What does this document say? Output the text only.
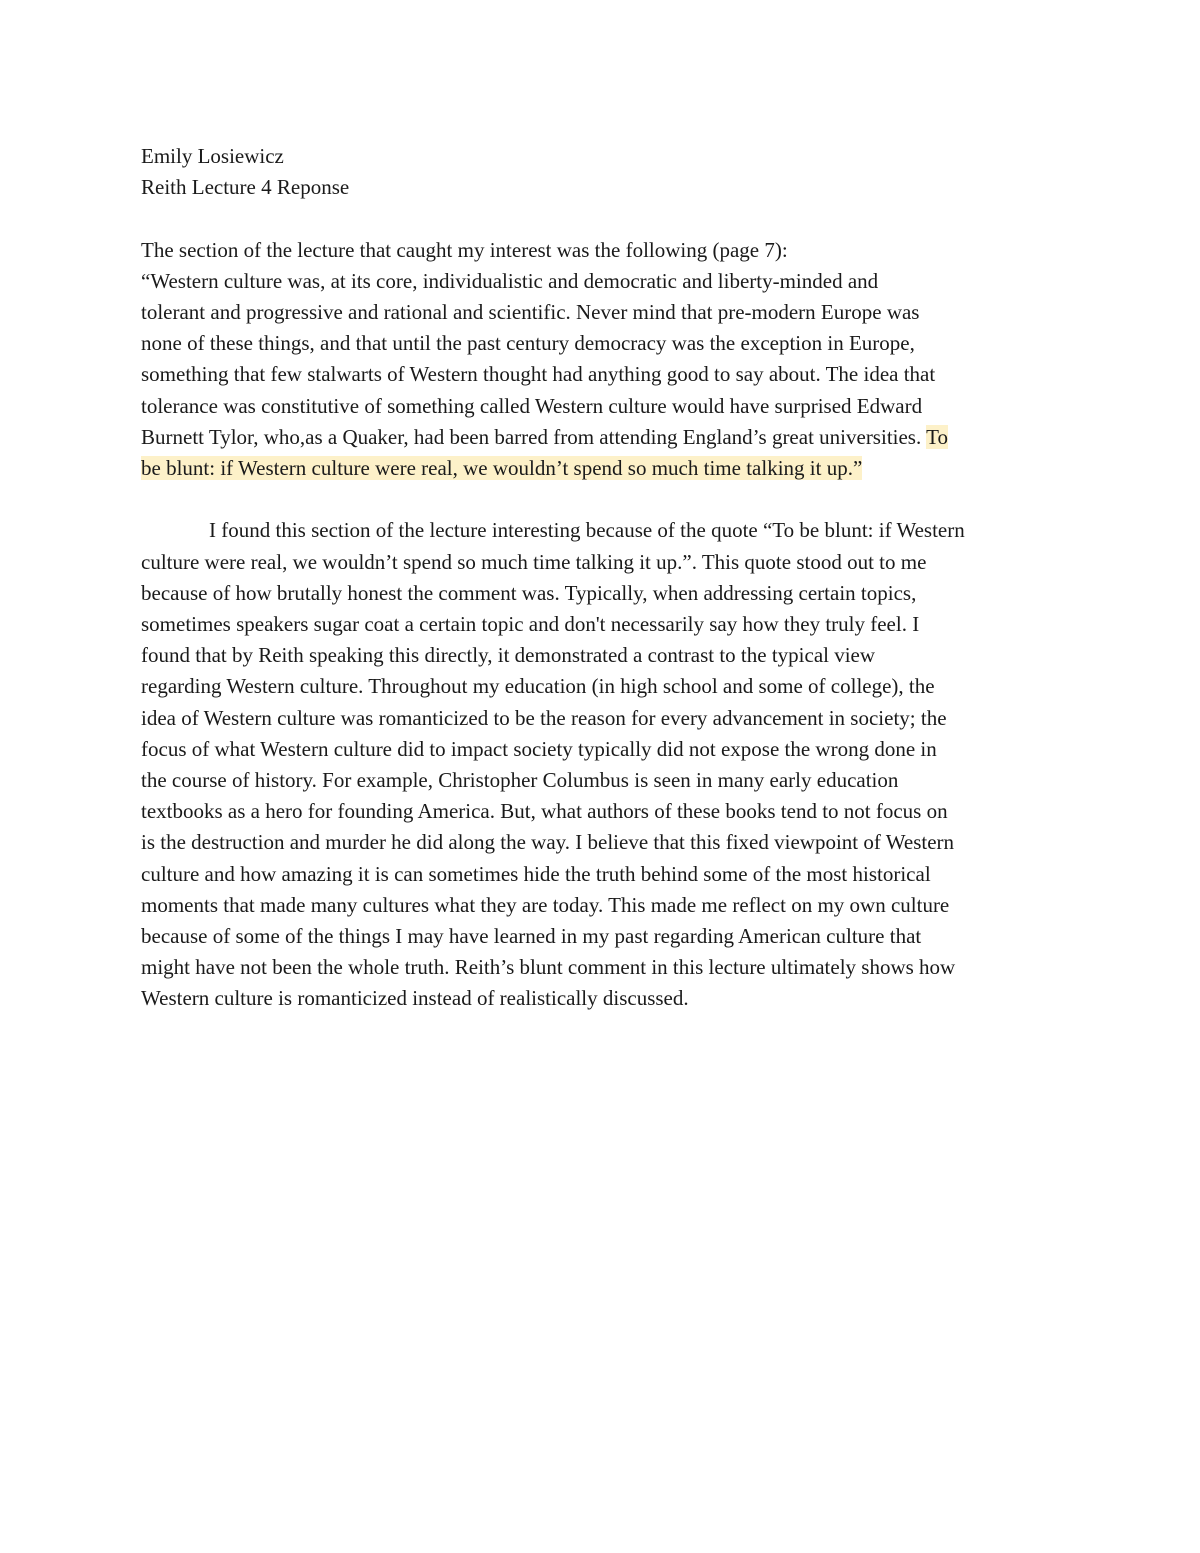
Emily Losiewicz

Reith Lecture 4 Reponse

The section of the lecture that caught my interest was the following (page 7):

“Western culture was, at its core, individualistic and democratic and liberty-minded and

tolerant and progressive and rational and scientific. Never mind that pre-modern Europe was

none of these things, and that until the past century democracy was the exception in Europe,

something that few stalwarts of Western thought had anything good to say about. The idea that

tolerance was constitutive of something called Western culture would have surprised Edward

Burnett Tylor, who,as a Quaker, had been barred from attending England’s great universities. To

be blunt: if Western culture were real, we wouldn’t spend so much time talking it up.”

I found this section of the lecture interesting because of the quote “To be blunt: if Western

culture were real, we wouldn’t spend so much time talking it up.”. This quote stood out to me

because of how brutally honest the comment was. Typically, when addressing certain topics,

sometimes speakers sugar coat a certain topic and don't necessarily say how they truly feel. I

found that by Reith speaking this directly, it demonstrated a contrast to the typical view

regarding Western culture. Throughout my education (in high school and some of college), the

idea of Western culture was romanticized to be the reason for every advancement in society; the

focus of what Western culture did to impact society typically did not expose the wrong done in

the course of history. For example, Christopher Columbus is seen in many early education

textbooks as a hero for founding America. But, what authors of these books tend to not focus on

is the destruction and murder he did along the way. I believe that this fixed viewpoint of Western

culture and how amazing it is can sometimes hide the truth behind some of the most historical

moments that made many cultures what they are today. This made me reflect on my own culture

because of some of the things I may have learned in my past regarding American culture that

might have not been the whole truth. Reith’s blunt comment in this lecture ultimately shows how

Western culture is romanticized instead of realistically discussed.
